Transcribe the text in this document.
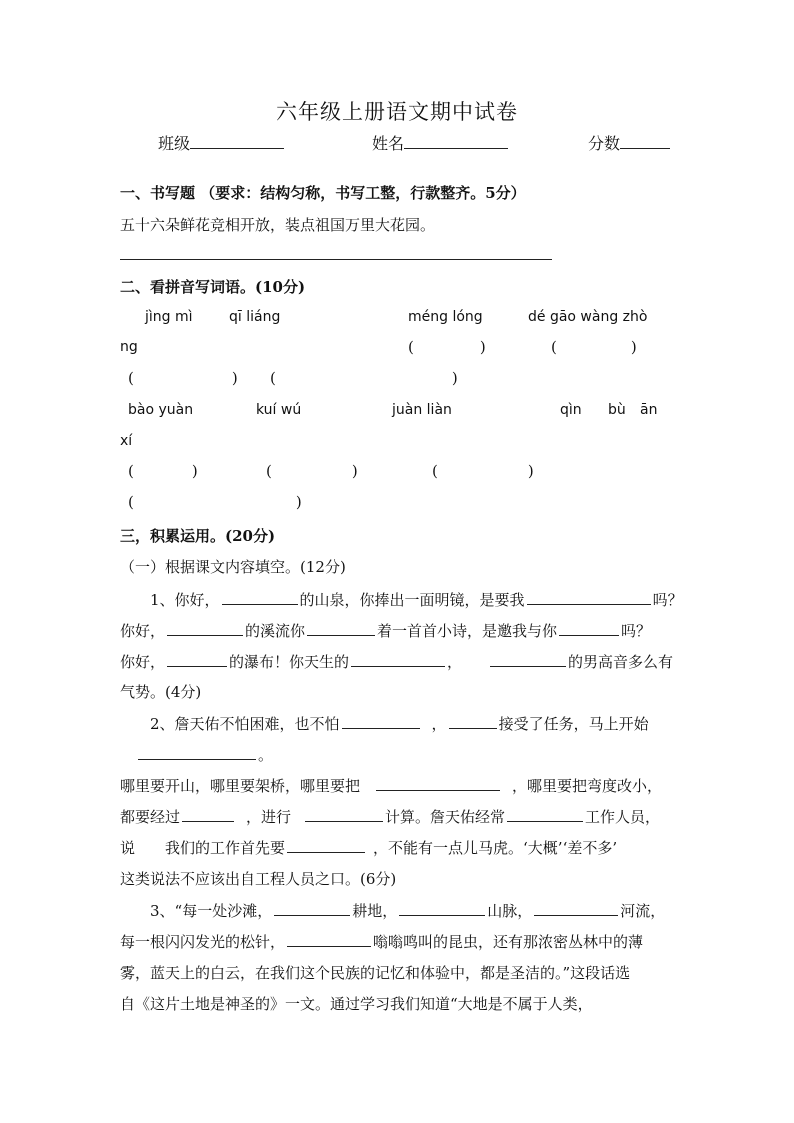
六年级上册语文期中试卷
班级	姓名	分数
一、书写题 （要求：结构匀称，书写工整，行款整齐。5分）
五十六朵鲜花竞相开放，装点祖国万里大花园。
二、看拼音写词语。(10分)
jìng mì	qī liáng	méng lóng	dé gāo wàng zhò
ng	(	)	(	)
(	) (	)
bào yuàn	kuí wú	juàn liàn	qìn bù ān
xí
(	)	(	)	(	)
(	)
三，积累运用。(20分)
（一）根据课文内容填空。(12分)
1、你好，	的山泉，你捧出一面明镜，是要我	吗？
你好，	的溪流你	着一首首小诗，是邀我与你	吗？
你好，	的瀑布！你天生的	，	的男高音多么有
气势。(4分)
2、詹天佑不怕困难，也不怕	，	接受了任务，马上开始
。
哪里要开山，哪里要架桥，哪里要把	，哪里要把弯度改小，
都要经过	，进行	计算。詹天佑经常	工作人员，
说 我们的工作首先要	，不能有一点儿马虎。‘大概’‘差不多’
这类说法不应该出自工程人员之口。(6分)
3、“每一处沙滩，	耕地，	山脉，	河流，
每一根闪闪发光的松针，	嗡嗡鸣叫的昆虫，还有那浓密丛林中的薄
雾，蓝天上的白云，在我们这个民族的记忆和体验中，都是圣洁的。”这段话选
自《这片土地是神圣的》一文。通过学习我们知道“大地是不属于人类，
